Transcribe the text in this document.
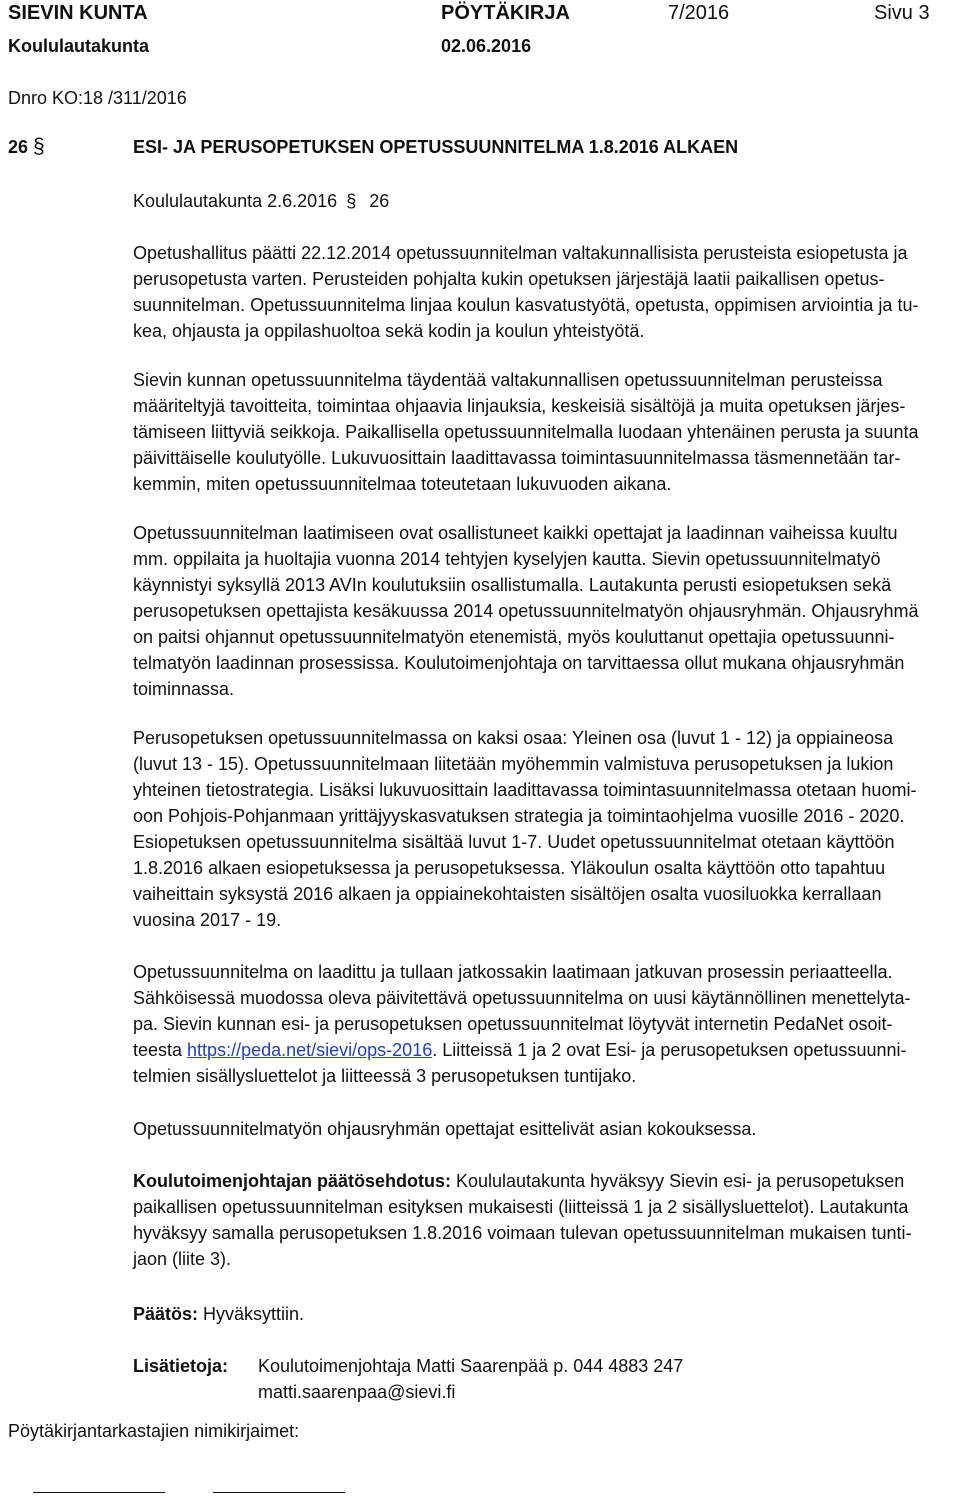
SIEVIN KUNTA	PÖYTÄKIRJA	7/2016	Sivu 3
Koululautakunta	02.06.2016
Dnro KO:18 /311/2016
26 §	ESI- JA PERUSOPETUKSEN OPETUSSUUNNITELMA 1.8.2016 ALKAEN
Koululautakunta 2.6.2016 § 26
Opetushallitus päätti 22.12.2014 opetussuunnitelman valtakunnallisista perusteista esiopetusta ja
perusopetusta varten. Perusteiden pohjalta kukin opetuksen järjestäjä laatii paikallisen opetus-
suunnitelman. Opetussuunnitelma linjaa koulun kasvatustyötä, opetusta, oppimisen arviointia ja tu-
kea, ohjausta ja oppilashuoltoa sekä kodin ja koulun yhteistyötä.
Sievin kunnan opetussuunnitelma täydentää valtakunnallisen opetussuunnitelman perusteissa
määriteltyjä tavoitteita, toimintaa ohjaavia linjauksia, keskeisiä sisältöjä ja muita opetuksen järjes-
tämiseen liittyviä seikkoja. Paikallisella opetussuunnitelmalla luodaan yhtenäinen perusta ja suunta
päivittäiselle koulutyölle. Lukuvuosittain laadittavassa toimintasuunnitelmassa täsmennetään tar-
kemmin, miten opetussuunnitelmaa toteutetaan lukuvuoden aikana.
Opetussuunnitelman laatimiseen ovat osallistuneet kaikki opettajat ja laadinnan vaiheissa kuultu
mm. oppilaita ja huoltajia vuonna 2014 tehtyjen kyselyjen kautta. Sievin opetussuunnitelmatyö
käynnistyi syksyllä 2013 AVIn koulutuksiin osallistumalla. Lautakunta perusti esiopetuksen sekä
perusopetuksen opettajista kesäkuussa 2014 opetussuunnitelmatyön ohjausryhmän. Ohjausryhmä
on paitsi ohjannut opetussuunnitelmatyön etenemistä, myös kouluttanut opettajia opetussuunni-
telmatyön laadinnan prosessissa. Koulutoimenjohtaja on tarvittaessa ollut mukana ohjausryhmän
toiminnassa.
Perusopetuksen opetussuunnitelmassa on kaksi osaa: Yleinen osa (luvut 1 - 12) ja oppiaineosa
(luvut 13 - 15). Opetussuunnitelmaan liitetään myöhemmin valmistuva perusopetuksen ja lukion
yhteinen tietostrategia. Lisäksi lukuvuosittain laadittavassa toimintasuunnitelmassa otetaan huomi-
oon Pohjois-Pohjanmaan yrittäjyyskasvatuksen strategia ja toimintaohjelma vuosille 2016 - 2020.
Esiopetuksen opetussuunnitelma sisältää luvut 1-7. Uudet opetussuunnitelmat otetaan käyttöön
1.8.2016 alkaen esiopetuksessa ja perusopetuksessa. Yläkoulun osalta käyttöön otto tapahtuu
vaiheittain syksystä 2016 alkaen ja oppiainekohtaisten sisältöjen osalta vuosiluokka kerrallaan
vuosina 2017 - 19.
Opetussuunnitelma on laadittu ja tullaan jatkossakin laatimaan jatkuvan prosessin periaatteella.
Sähköisessä muodossa oleva päivitettävä opetussuunnitelma on uusi käytännöllinen menettelyta-
pa. Sievin kunnan esi- ja perusopetuksen opetussuunnitelmat löytyvät internetin PedaNet osoit-
teesta https://peda.net/sievi/ops-2016. Liitteissä 1 ja 2 ovat Esi- ja perusopetuksen opetussuunni-
telmien sisällysluettelot ja liitteessä 3 perusopetuksen tuntijako.
Opetussuunnitelmatyön ohjausryhmän opettajat esittelivät asian kokouksessa.
Koulutoimenjohtajan päätösehdotus: Koululautakunta hyväksyy Sievin esi- ja perusopetuksen
paikallisen opetussuunnitelman esityksen mukaisesti (liitteissä 1 ja 2 sisällysluettelot). Lautakunta
hyväksyy samalla perusopetuksen 1.8.2016 voimaan tulevan opetussuunnitelman mukaisen tunti-
jaon (liite 3).
Päätös: Hyväksyttiin.
Lisätietoja: Koulutoimenjohtaja Matti Saarenpää p. 044 4883 247
matti.saarenpaa@sievi.fi
Pöytäkirjantarkastajien nimikirjaimet:
